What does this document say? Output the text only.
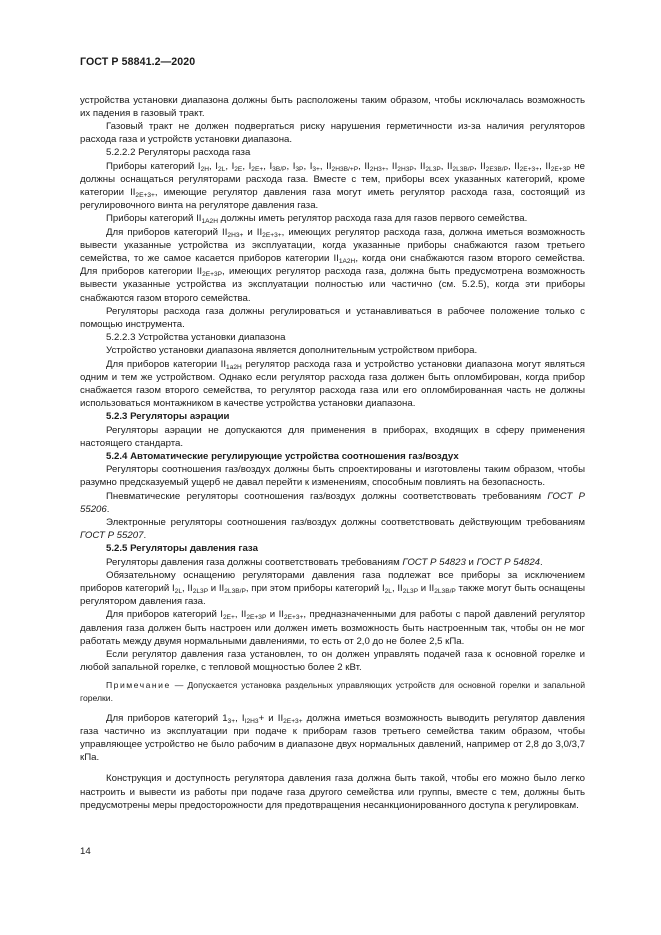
ГОСТ Р 58841.2—2020

устройства установки диапазона должны быть расположены таким образом, чтобы исключалась возможность их падения в газовый тракт.

Газовый тракт не должен подвергаться риску нарушения герметичности из-за наличия регуляторов расхода газа и устройств установки диапазона.

5.2.2.2 Регуляторы расхода газа

Приборы категорий $I_{2H}$, $I_{2L}$, $I_{2E}$, $I_{2E+}$, $I_{3B/P}$, $I_{3P}$, $I_{3+}$, $II_{2H3B/+P}$, $II_{2H3+}$, $II_{2H3P}$, $II_{2L3P}$, $II_{2L3B/P}$, $II_{2E3B/P}$, $II_{2E+3+}$, $II_{2E+3P}$ не должны оснащаться регуляторами расхода газа. Вместе с тем, приборы всех указанных категорий, кроме категории $II_{2E+3+}$, имеющие регулятор давления газа могут иметь регулятор расхода газа, состоящий из регулировочного винта на регуляторе давления газа.

Приборы категорий $II_{1A2H}$ должны иметь регулятор расхода газа для газов первого семейства.

Для приборов категорий $II_{2H3+}$ и $II_{2E+3+}$, имеющих регулятор расхода газа, должна иметься возможность вывести указанные устройства из эксплуатации, когда указанные приборы снабжаются газом третьего семейства, то же самое касается приборов категории $II_{1A2H}$, когда они снабжаются газом второго семейства. Для приборов категории $II_{2E+3P}$, имеющих регулятор расхода газа, должна быть предусмотрена возможность вывести указанные устройства из эксплуатации полностью или частично (см. 5.2.5), когда эти приборы снабжаются газом второго семейства.

Регуляторы расхода газа должны регулироваться и устанавливаться в рабочее положение только с помощью инструмента.

5.2.2.3 Устройства установки диапазона

Устройство установки диапазона является дополнительным устройством прибора.

Для приборов категории $II_{1a2H}$ регулятор расхода газа и устройство установки диапазона могут являться одним и тем же устройством. Однако если регулятор расхода газа должен быть опломбирован, когда прибор снабжается газом второго семейства, то регулятор расхода газа или его опломбированная часть не должны использоваться монтажником в качестве устройства установки диапазона.

5.2.3 Регуляторы аэрации

Регуляторы аэрации не допускаются для применения в приборах, входящих в сферу применения настоящего стандарта.

5.2.4 Автоматические регулирующие устройства соотношения газ/воздух

Регуляторы соотношения газ/воздух должны быть спроектированы и изготовлены таким образом, чтобы разумно предсказуемый ущерб не давал перейти к изменениям, способным повлиять на безопасность.

Пневматические регуляторы соотношения газ/воздух должны соответствовать требованиям ГОСТ Р 55206.

Электронные регуляторы соотношения газ/воздух должны соответствовать действующим требованиям ГОСТ Р 55207.

5.2.5 Регуляторы давления газа

Регуляторы давления газа должны соответствовать требованиям ГОСТ Р 54823 и ГОСТ Р 54824.

Обязательному оснащению регуляторами давления газа подлежат все приборы за исключением приборов категорий $I_{2L}$, $II_{2L3P}$ и $II_{2L3B/P}$, при этом приборы категорий $I_{2L}$, $II_{2L3P}$ и $II_{2L3B/P}$ также могут быть оснащены регулятором давления газа.

Для приборов категорий $I_{2E+}$, $II_{2E+3P}$ и $II_{2E+3+}$, предназначенными для работы с парой давлений регулятор давления газа должен быть настроен или должен иметь возможность быть настроенным так, чтобы он не мог работать между двумя нормальными давлениями, то есть от 2,0 до не более 2,5 кПа.

Если регулятор давления газа установлен, то он должен управлять подачей газа к основной горелке и любой запальной горелке, с тепловой мощностью более 2 кВт.

Примечание — Допускается установка раздельных управляющих устройств для основной горелки и запальной горелки.

Для приборов категорий $1_{3+}$, $I_{I2H3}+ и$ $II_{2E+3+}$ должна иметься возможность выводить регулятор давления газа частично из эксплуатации при подаче к приборам газов третьего семейства таким образом, чтобы управляющее устройство не было рабочим в диапазоне двух нормальных давлений, например от 2,8 до 3,0/3,7 кПа.

Конструкция и доступность регулятора давления газа должна быть такой, чтобы его можно было легко настроить и вывести из работы при подаче газа другого семейства или группы, вместе с тем, должны быть предусмотрены меры предосторожности для предотвращения несанкционированного доступа к регулировкам.

14
